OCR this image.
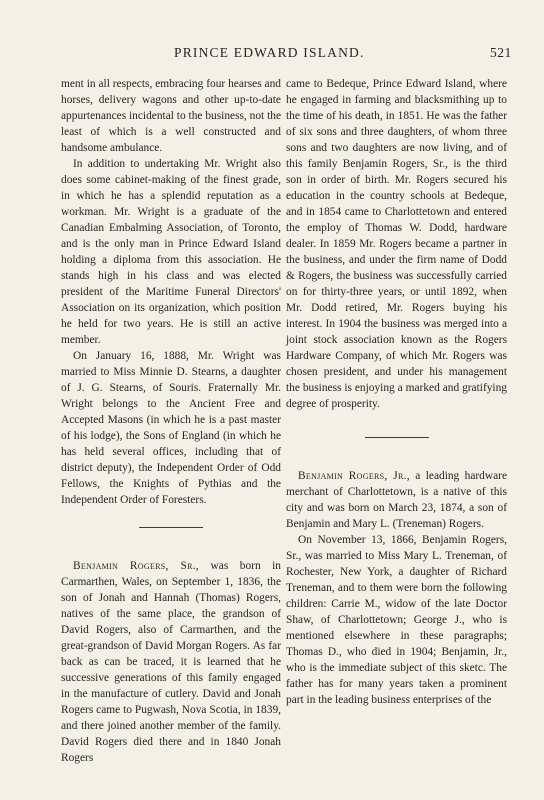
PRINCE EDWARD ISLAND.	521

ment in all respects, embracing four hearses and horses, delivery wagons and other up-to-date appurtenances incidental to the business, not the least of which is a well constructed and handsome ambulance.

In addition to undertaking Mr. Wright also does some cabinet-making of the finest grade, in which he has a splendid reputation as a workman. Mr. Wright is a graduate of the Canadian Embalming Association, of Toronto, and is the only man in Prince Edward Island holding a diploma from this association. He stands high in his class and was elected president of the Maritime Funeral Directors' Association on its organization, which position he held for two years. He is still an active member.

On January 16, 1888, Mr. Wright was married to Miss Minnie D. Stearns, a daughter of J. G. Stearns, of Souris. Fraternally Mr. Wright belongs to the Ancient Free and Accepted Masons (in which he is a past master of his lodge), the Sons of England (in which he has held several offices, including that of district deputy), the Independent Order of Odd Fellows, the Knights of Pythias and the Independent Order of Foresters.

Benjamin Rogers, Sr., was born in Carmarthen, Wales, on September 1, 1836, the son of Jonah and Hannah (Thomas) Rogers, natives of the same place, the grandson of David Rogers, also of Carmarthen, and the great-grandson of David Morgan Rogers. As far back as can be traced, it is learned that he successive generations of this family engaged in the manufacture of cutlery. David and Jonah Rogers came to Pugwash, Nova Scotia, in 1839, and there joined another member of the family. David Rogers died there and in 1840 Jonah Rogers

came to Bedeque, Prince Edward Island, where he engaged in farming and blacksmithing up to the time of his death, in 1851. He was the father of six sons and three daughters, of whom three sons and two daughters are now living, and of this family Benjamin Rogers, Sr., is the third son in order of birth. Mr. Rogers secured his education in the country schools at Bedeque, and in 1854 came to Charlottetown and entered the employ of Thomas W. Dodd, hardware dealer. In 1859 Mr. Rogers became a partner in the business, and under the firm name of Dodd & Rogers, the business was successfully carried on for thirty-three years, or until 1892, when Mr. Dodd retired, Mr. Rogers buying his interest. In 1904 the business was merged into a joint stock association known as the Rogers Hardware Company, of which Mr. Rogers was chosen president, and under his management the business is enjoying a marked and gratifying degree of prosperity.

Benjamin Rogers, Jr., a leading hardware merchant of Charlottetown, is a native of this city and was born on March 23, 1874, a son of Benjamin and Mary L. (Treneman) Rogers.

On November 13, 1866, Benjamin Rogers, Sr., was married to Miss Mary L. Treneman, of Rochester, New York, a daughter of Richard Treneman, and to them were born the following children: Carrie M., widow of the late Doctor Shaw, of Charlottetown; George J., who is mentioned elsewhere in these paragraphs; Thomas D., who died in 1904; Benjamin, Jr., who is the immediate subject of this sketc. The father has for many years taken a prominent part in the leading business enterprises of the
